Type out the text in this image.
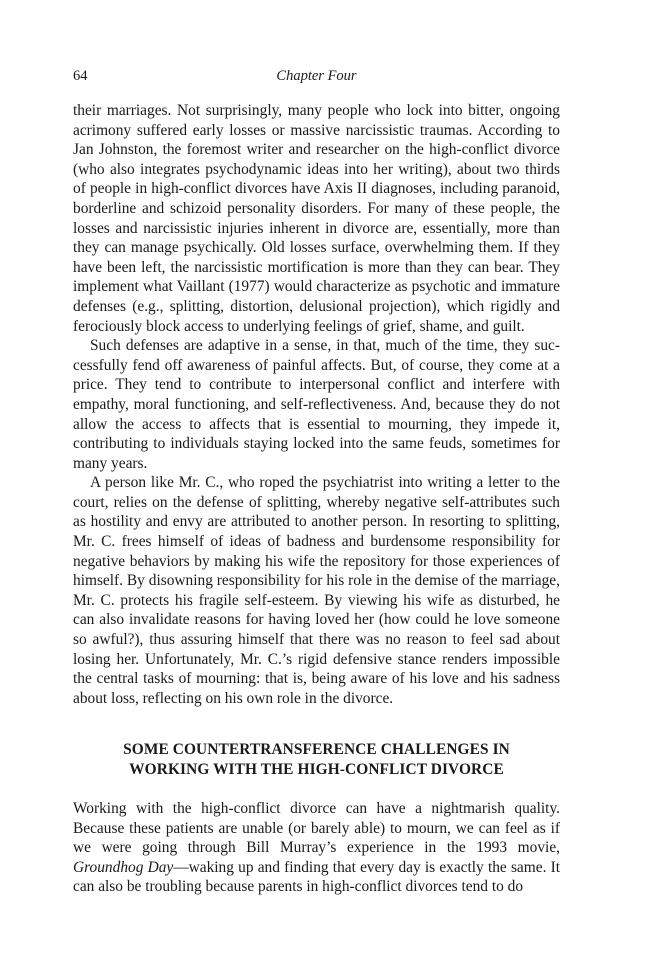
64	Chapter Four

their marriages. Not surprisingly, many people who lock into bitter, ongoing acrimony suffered early losses or massive narcissistic traumas. According to Jan Johnston, the foremost writer and researcher on the high-conflict divorce (who also integrates psychodynamic ideas into her writing), about two thirds of people in high-conflict divorces have Axis II diagnoses, including paranoid, borderline and schizoid personality disorders. For many of these people, the losses and narcissistic injuries inherent in divorce are, essentially, more than they can manage psychically. Old losses surface, overwhelming them. If they have been left, the narcissistic mortification is more than they can bear. They implement what Vaillant (1977) would characterize as psychotic and immature defenses (e.g., splitting, distortion, delusional projection), which rigidly and ferociously block access to underlying feelings of grief, shame, and guilt.

Such defenses are adaptive in a sense, in that, much of the time, they successfully fend off awareness of painful affects. But, of course, they come at a price. They tend to contribute to interpersonal conflict and interfere with empathy, moral functioning, and self-reflectiveness. And, because they do not allow the access to affects that is essential to mourning, they impede it, contributing to individuals staying locked into the same feuds, sometimes for many years.

A person like Mr. C., who roped the psychiatrist into writing a letter to the court, relies on the defense of splitting, whereby negative self-attributes such as hostility and envy are attributed to another person. In resorting to splitting, Mr. C. frees himself of ideas of badness and burdensome responsibility for negative behaviors by making his wife the repository for those experiences of himself. By disowning responsibility for his role in the demise of the marriage, Mr. C. protects his fragile self-esteem. By viewing his wife as disturbed, he can also invalidate reasons for having loved her (how could he love someone so awful?), thus assuring himself that there was no reason to feel sad about losing her. Unfortunately, Mr. C.’s rigid defensive stance renders impossible the central tasks of mourning: that is, being aware of his love and his sadness about loss, reflecting on his own role in the divorce.

SOME COUNTERTRANSFERENCE CHALLENGES IN
WORKING WITH THE HIGH-CONFLICT DIVORCE

Working with the high-conflict divorce can have a nightmarish quality. Because these patients are unable (or barely able) to mourn, we can feel as if we were going through Bill Murray’s experience in the 1993 movie, Groundhog Day—waking up and finding that every day is exactly the same. It can also be troubling because parents in high-conflict divorces tend to do
